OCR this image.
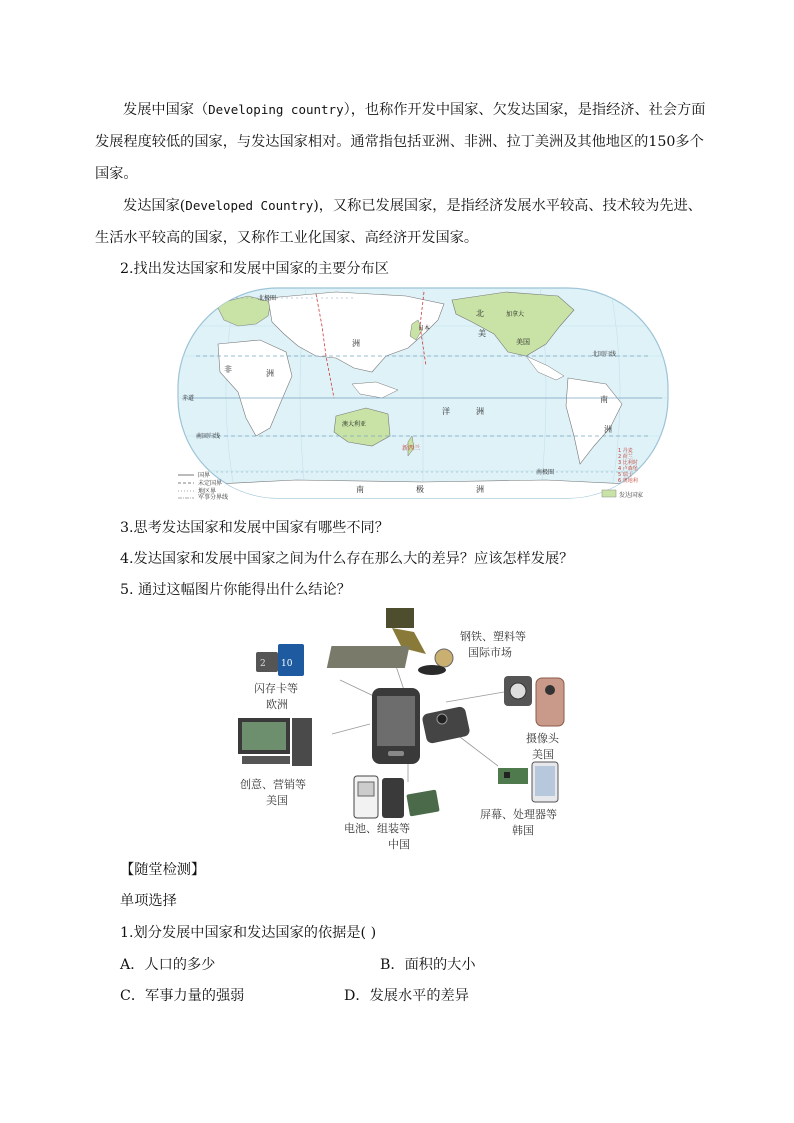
发展中国家（Developing country），也称作开发中国家、欠发达国家，是指经济、社会方面发展程度较低的国家，与发达国家相对。通常指包括亚洲、非洲、拉丁美洲及其他地区的150多个国家。

发达国家(Developed Country)，又称已发展国家，是指经济发展水平较高、技术较为先进、生活水平较高的国家，又称作工业化国家、高经济开发国家。

2.找出发达国家和发展中国家的主要分布区

北极圈
洲
非	洲
日本
北
美
加拿大
美国
北回归线
赤道
洋	洲
澳大利亚
新西兰
南
洲
南回归线
南极圈
南	极	洲
国界
未定国界
地区界
军事分界线
1 丹麦
2 荷兰
3 比利时
4 卢森堡
5 瑞士
6 奥地利
发达国家

3.思考发达国家和发展中国家有哪些不同？

4.发达国家和发展中国家之间为什么存在那么大的差异？应该怎样发展？

5. 通过这幅图片你能得出什么结论？

钢铁、塑料等
国际市场
2 10
闪存卡等
欧洲
创意、营销等
美国
摄像头
美国
屏幕、处理器等
韩国
电池、组装等
中国

【随堂检测】

单项选择

1.划分发展中国家和发达国家的依据是( )

A．人口的多少	B．面积的大小

C．军事力量的强弱	D．发展水平的差异
